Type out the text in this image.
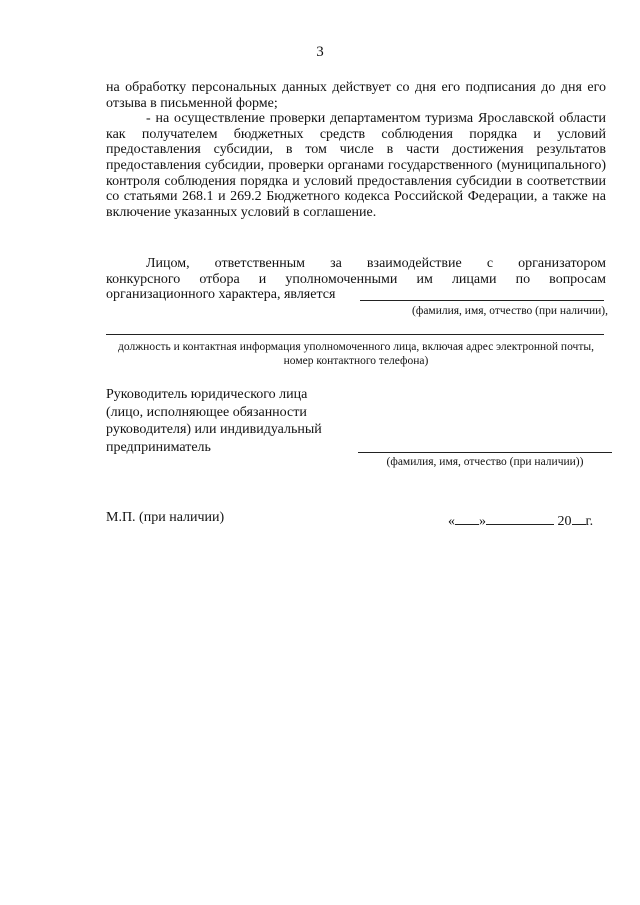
3

на обработку персональных данных действует со дня его подписания до дня его отзыва в письменной форме;

- на осуществление проверки департаментом туризма Ярославской области как получателем бюджетных средств соблюдения порядка и условий предоставления субсидии, в том числе в части достижения результатов предоставления субсидии, проверки органами государственного (муниципального) контроля соблюдения порядка и условий предоставления субсидии в соответствии со статьями 268.1 и 269.2 Бюджетного кодекса Российской Федерации, а также на включение указанных условий в соглашение.

Лицом, ответственным за взаимодействие с организатором
конкурсного отбора и уполномоченными им лицами по вопросам
организационного характера, является
(фамилия, имя, отчество (при наличии),
должность и контактная информация уполномоченного лица, включая адрес электронной почты, номер контактного телефона)
Руководитель юридического лица
(лицо, исполняющее обязанности
руководителя) или индивидуальный
предприниматель
(фамилия, имя, отчество (при наличии))
М.П. (при наличии)	« »	20 г.
